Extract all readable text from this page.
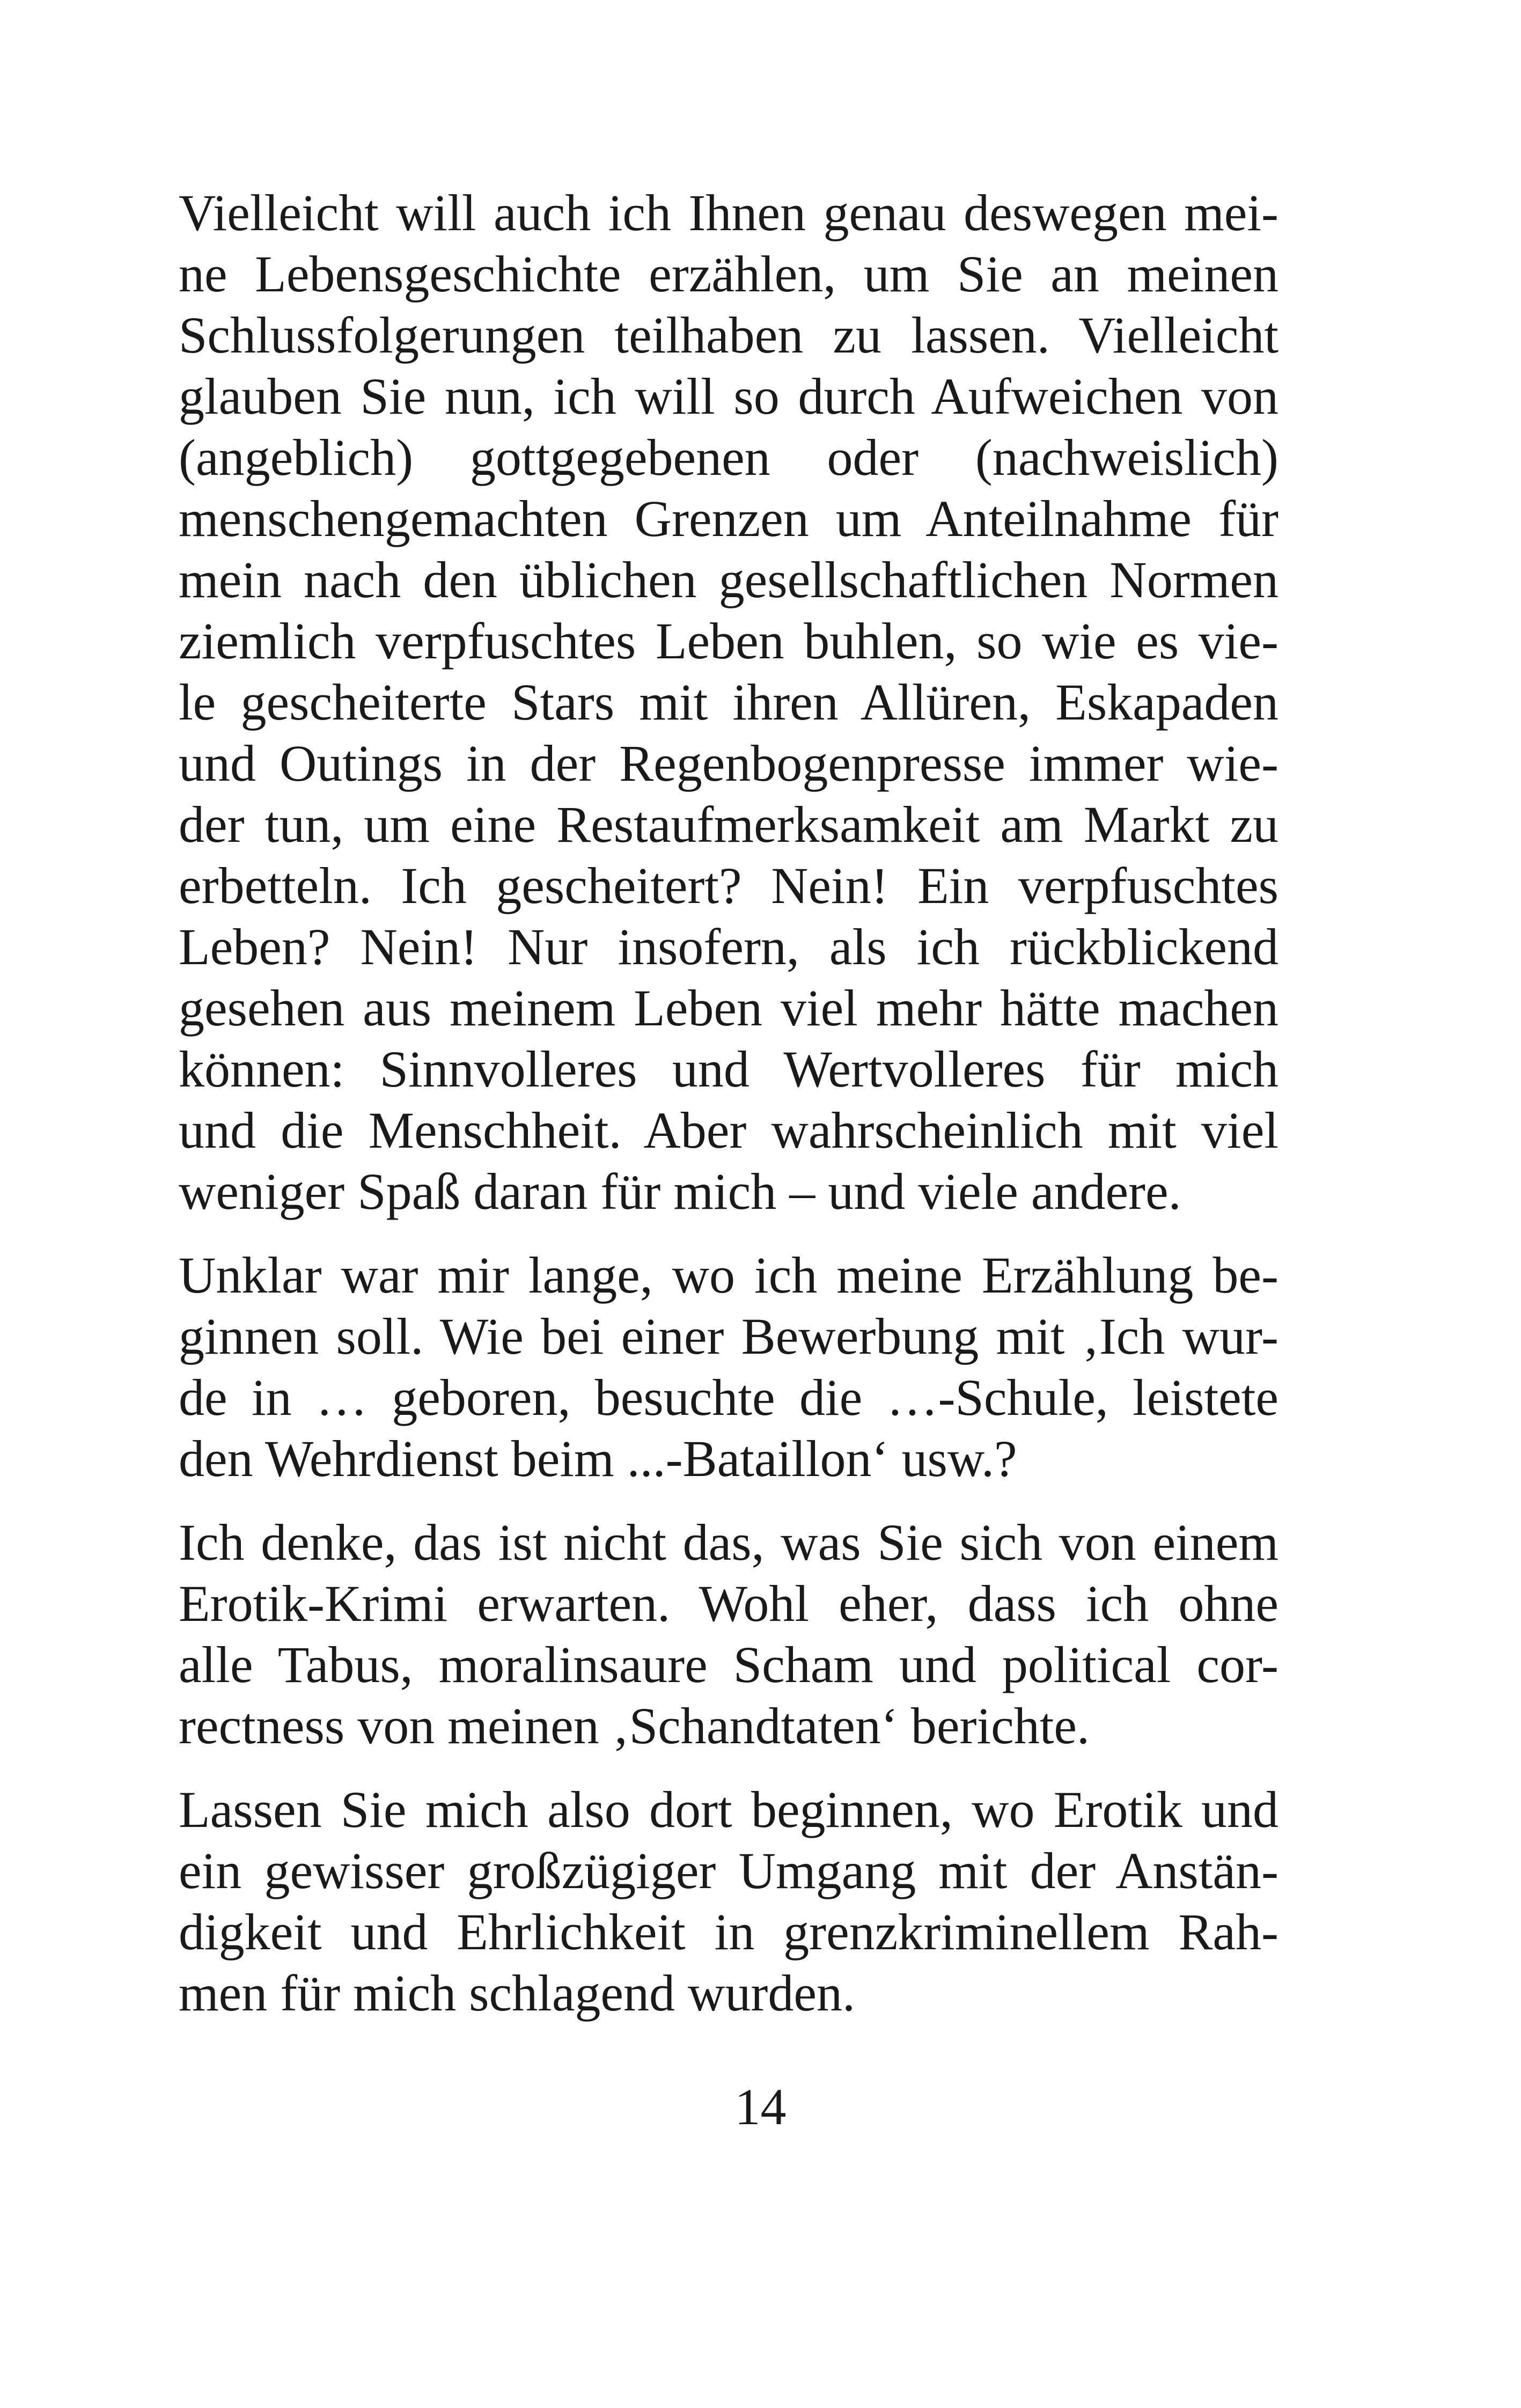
Vielleicht will auch ich Ihnen genau deswegen mei-
ne Lebensgeschichte erzählen, um Sie an meinen
Schlussfolgerungen teilhaben zu lassen. Vielleicht
glauben Sie nun, ich will so durch Aufweichen von
(angeblich) gottgegebenen oder (nachweislich)
menschengemachten Grenzen um Anteilnahme für
mein nach den üblichen gesellschaftlichen Normen
ziemlich verpfuschtes Leben buhlen, so wie es vie-
le gescheiterte Stars mit ihren Allüren, Eskapaden
und Outings in der Regenbogenpresse immer wie-
der tun, um eine Restaufmerksamkeit am Markt zu
erbetteln. Ich gescheitert? Nein! Ein verpfuschtes
Leben? Nein! Nur insofern, als ich rückblickend
gesehen aus meinem Leben viel mehr hätte machen
können: Sinnvolleres und Wertvolleres für mich
und die Menschheit. Aber wahrscheinlich mit viel
weniger Spaß daran für mich – und viele andere.
Unklar war mir lange, wo ich meine Erzählung be-
ginnen soll. Wie bei einer Bewerbung mit ‚Ich wur-
de in … geboren, besuchte die …-Schule, leistete
den Wehrdienst beim ...-Bataillon‘ usw.?
Ich denke, das ist nicht das, was Sie sich von einem
Erotik-Krimi erwarten. Wohl eher, dass ich ohne
alle Tabus, moralinsaure Scham und political cor-
rectness von meinen ‚Schandtaten‘ berichte.
Lassen Sie mich also dort beginnen, wo Erotik und
ein gewisser großzügiger Umgang mit der Anstän-
digkeit und Ehrlichkeit in grenzkriminellem Rah-
men für mich schlagend wurden.
14
